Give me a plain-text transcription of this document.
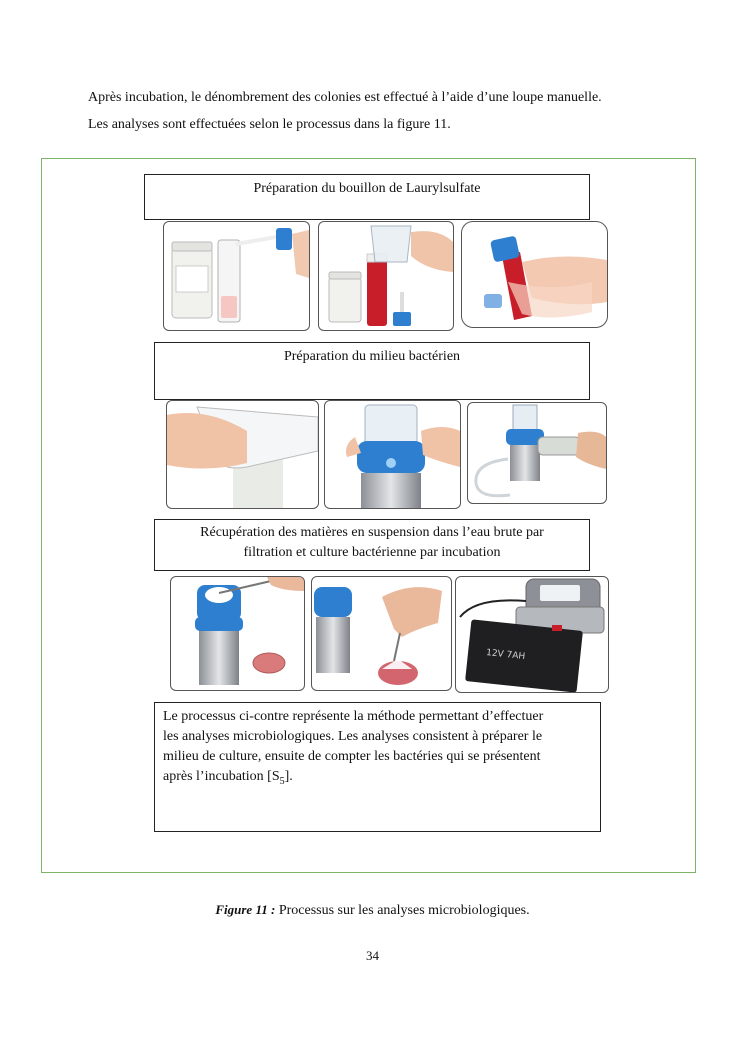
Après incubation, le dénombrement des colonies est effectué à l’aide d’une loupe manuelle.
Les analyses sont effectuées selon le processus dans la figure 11.
Préparation du bouillon de Laurylsulfate
Préparation du milieu bactérien
Récupération des matières en suspension dans l’eau brute par
filtration et culture bactérienne par incubation
12V 7AH
Le processus ci-contre représente la méthode permettant d’effectuer
les analyses microbiologiques. Les analyses consistent à préparer le
milieu de culture, ensuite de compter les bactéries qui se présentent
après l’incubation $[S_5]$.
Figure 11 : Processus sur les analyses microbiologiques.
34
